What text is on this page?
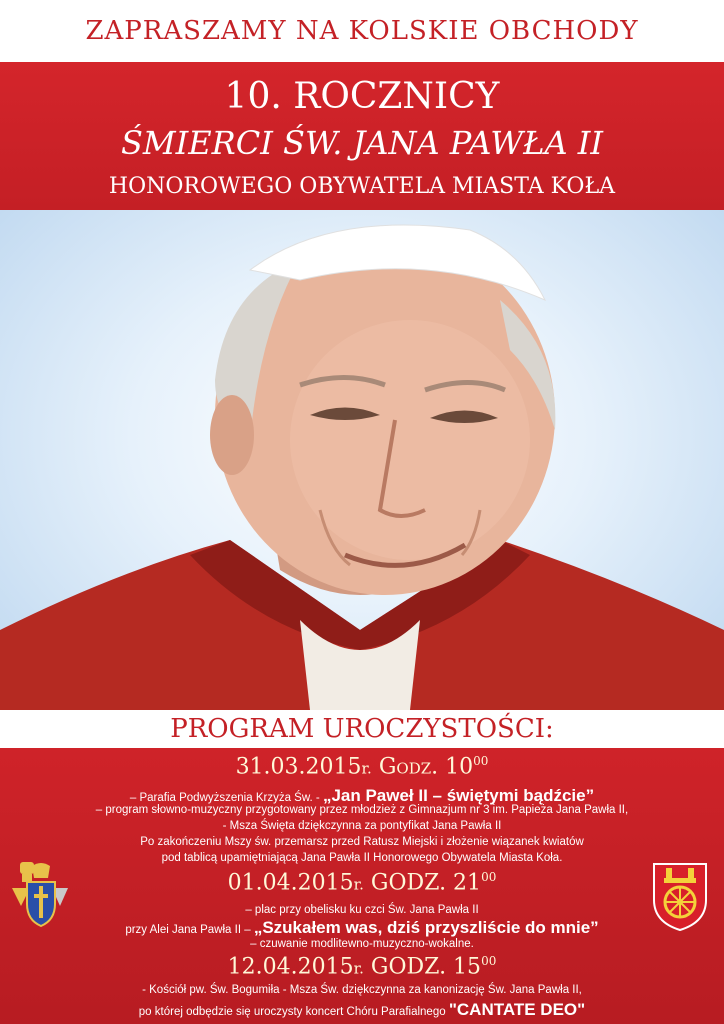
ZAPRASZAMY NA KOLSKIE OBCHODY
10. ROCZNICY
ŚMIERCI ŚW. JANA PAWŁA II
HONOROWEGO OBYWATELA MIASTA KOŁA
PROGRAM UROCZYSTOŚCI:
31.03.2015r. Godz. $10^{00}$
– Parafia Podwyższenia Krzyża Św. - „Jan Paweł II – świętymi bądźcie”
– program słowno-muzyczny przygotowany przez młodzież z Gimnazjum nr 3 im. Papieża Jana Pawła II,
- Msza Święta dziękczynna za pontyfikat Jana Pawła II
Po zakończeniu Mszy św. przemarsz przed Ratusz Miejski i złożenie wiązanek kwiatów
pod tablicą upamiętniającą Jana Pawła II Honorowego Obywatela Miasta Koła.
01.04.2015r. GODZ. $21^{00}$
– plac przy obelisku ku czci Św. Jana Pawła II
przy Alei Jana Pawła II – „Szukałem was, dziś przyszliście do mnie”
– czuwanie modlitewno-muzyczno-wokalne.
12.04.2015r. GODZ. $15^{00}$
- Kościół pw. Św. Bogumiła - Msza Św. dziękczynna za kanonizację Św. Jana Pawła II,
po której odbędzie się uroczysty koncert Chóru Parafialnego "CANTATE DEO"
